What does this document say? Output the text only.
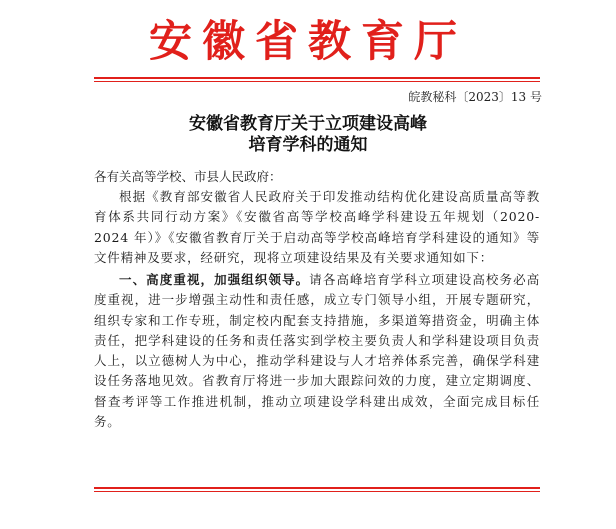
安徽省教育厅
皖教秘科〔2023〕13 号
安徽省教育厅关于立项建设高峰
培育学科的通知
各有关高等学校、市县人民政府：
根据《教育部安徽省人民政府关于印发推动结构优化建设高质量高等教育体系共同行动方案》《安徽省高等学校高峰学科建设五年规划（2020-2024 年）》《安徽省教育厅关于启动高等学校高峰培育学科建设的通知》等文件精神及要求，经研究，现将立项建设结果及有关要求通知如下：

一、高度重视，加强组织领导。请各高峰培育学科立项建设高校务必高度重视，进一步增强主动性和责任感，成立专门领导小组，开展专题研究，组织专家和工作专班，制定校内配套支持措施，多渠道筹措资金，明确主体责任，把学科建设的任务和责任落实到学校主要负责人和学科建设项目负责人上，以立德树人为中心，推动学科建设与人才培养体系完善，确保学科建设任务落地见效。省教育厅将进一步加大跟踪问效的力度，建立定期调度、督查考评等工作推进机制，推动立项建设学科建出成效，全面完成目标任务。
